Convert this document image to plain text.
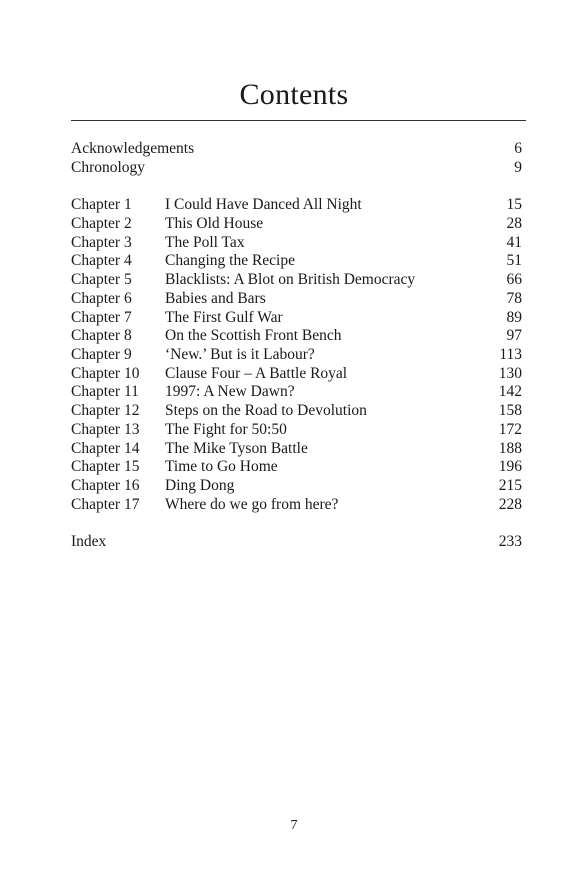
Contents
Acknowledgements	6
Chronology	9
Chapter 1 I Could Have Danced All Night	15
Chapter 2 This Old House	28
Chapter 3 The Poll Tax	41
Chapter 4 Changing the Recipe	51
Chapter 5 Blacklists: A Blot on British Democracy	66
Chapter 6 Babies and Bars	78
Chapter 7 The First Gulf War	89
Chapter 8 On the Scottish Front Bench	97
Chapter 9 ‘New.’ But is it Labour?	113
Chapter 10 Clause Four – A Battle Royal	130
Chapter 11 1997: A New Dawn?	142
Chapter 12 Steps on the Road to Devolution	158
Chapter 13 The Fight for 50:50	172
Chapter 14 The Mike Tyson Battle	188
Chapter 15 Time to Go Home	196
Chapter 16 Ding Dong	215
Chapter 17 Where do we go from here?	228
Index	233
7
